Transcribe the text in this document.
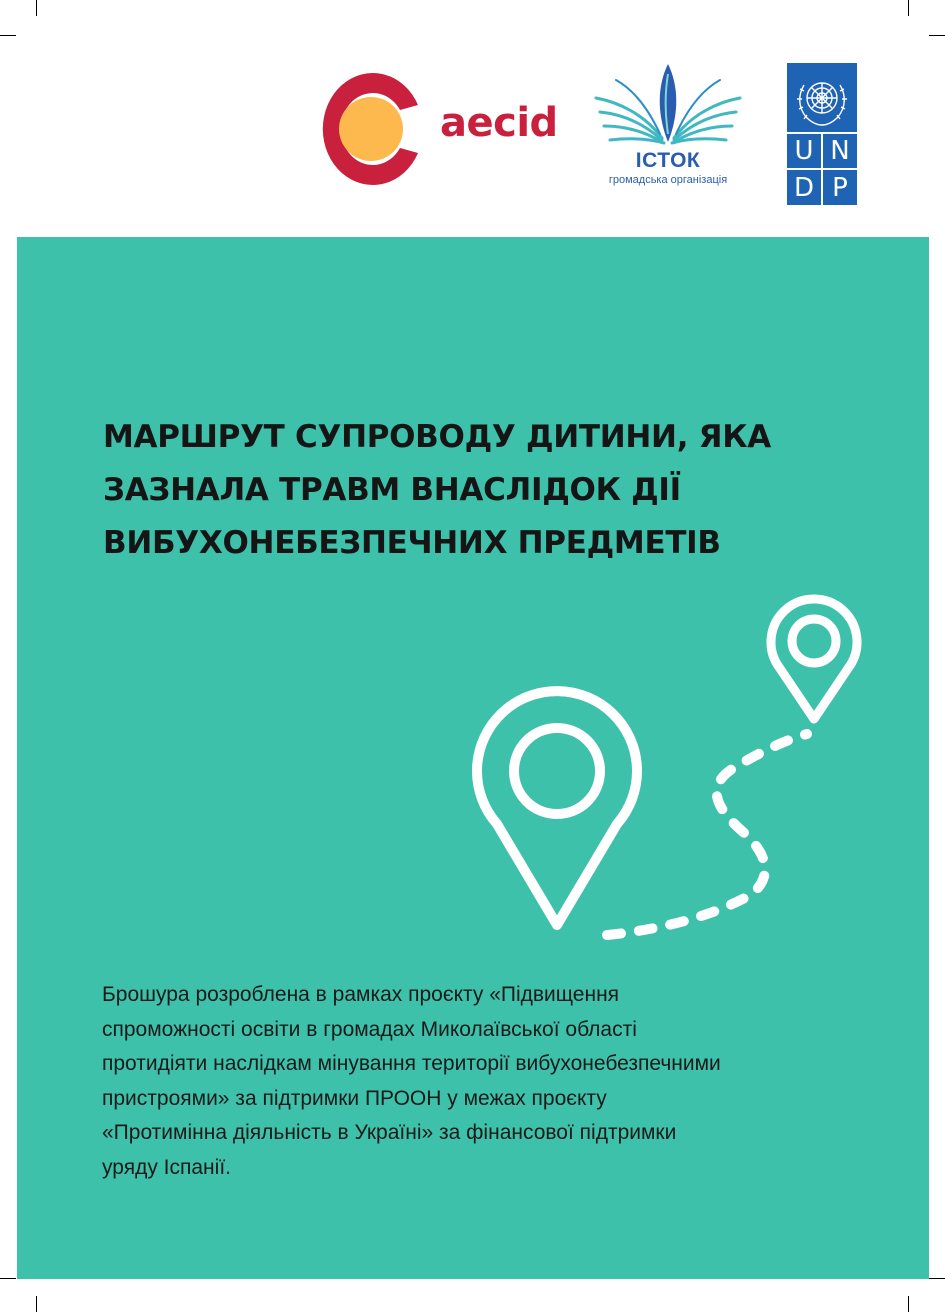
aecid
ІСТОК
громадська організація
U N
D P
МАРШРУТ СУПРОВОДУ ДИТИНИ, ЯКА
ЗАЗНАЛА ТРАВМ ВНАСЛІДОК ДІЇ
ВИБУХОНЕБЕЗПЕЧНИХ ПРЕДМЕТІВ
Брошура розроблена в рамках проєкту «Підвищення
спроможності освіти в громадах Миколаївської області
протидіяти наслідкам мінування території вибухонебезпечними
пристроями» за підтримки ПРООН у межах проєкту
«Протимінна діяльність в Україні» за фінансової підтримки
уряду Іспанії.
